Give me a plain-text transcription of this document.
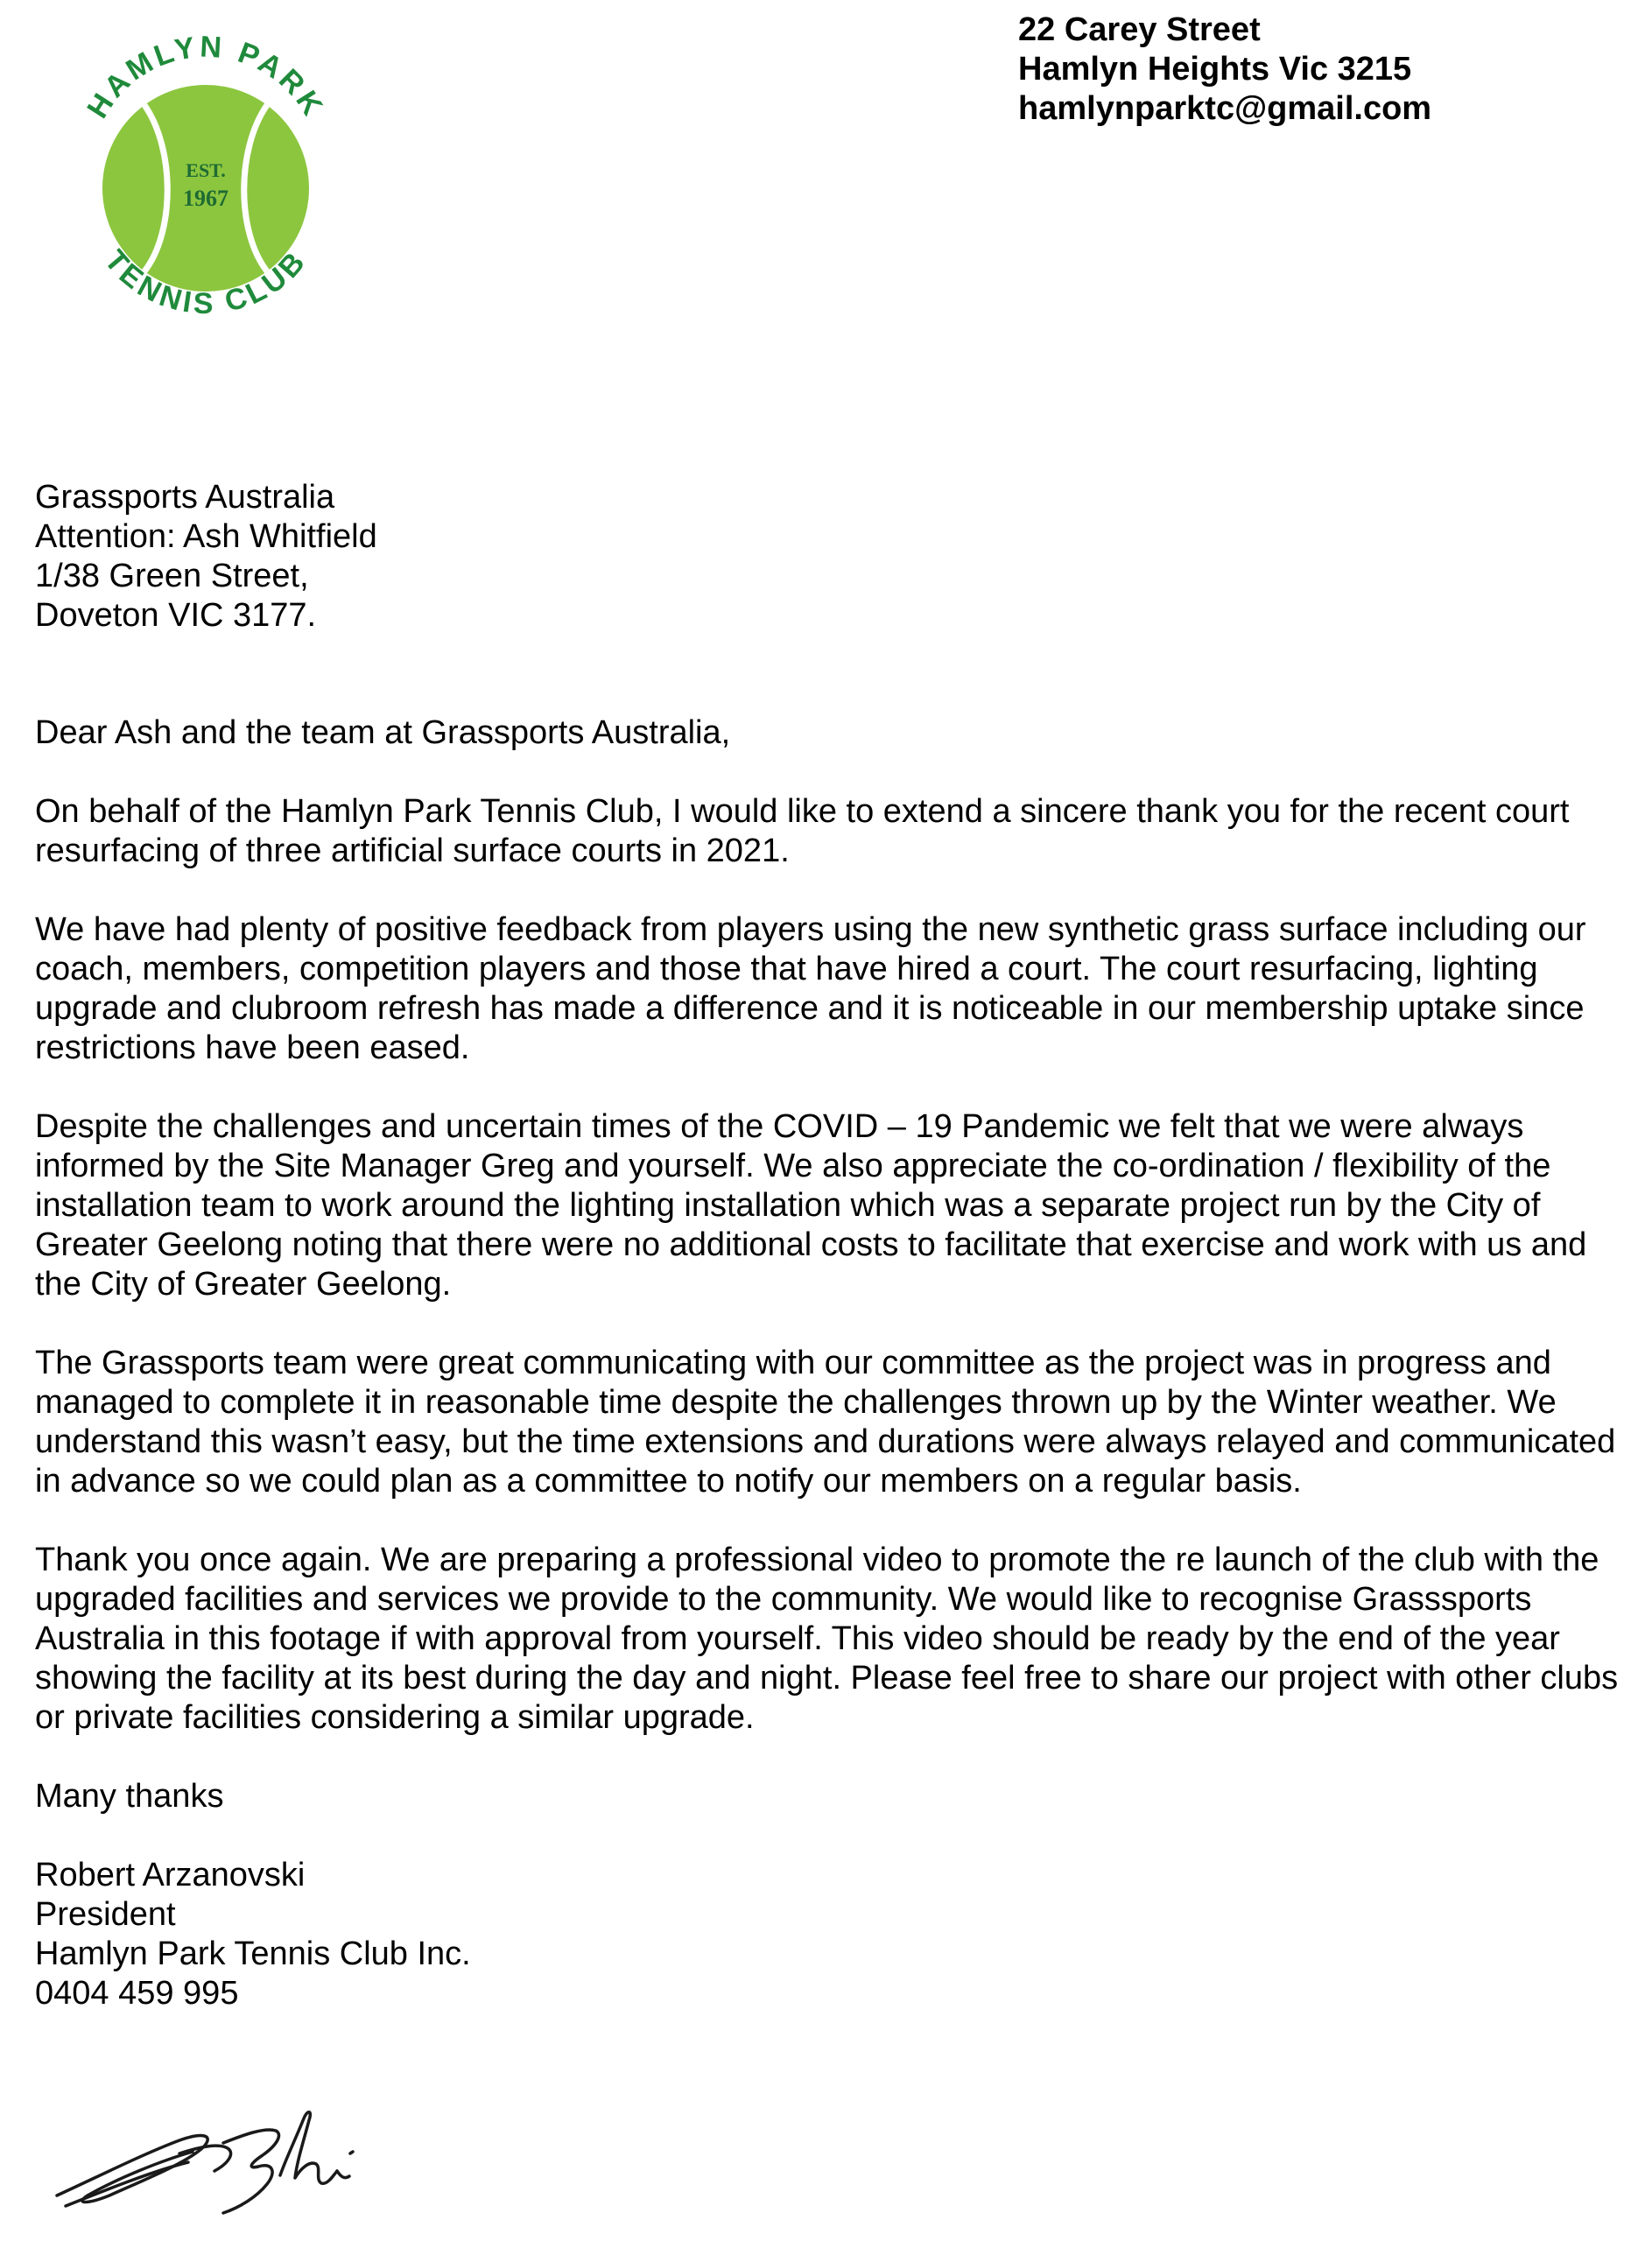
HAMLYN PARK
TENNIS CLUB
EST.
1967
22 Carey Street
Hamlyn Heights Vic 3215
hamlynparktc@gmail.com
Grassports Australia
Attention: Ash Whitfield
1/38 Green Street,
Doveton VIC 3177.

Dear Ash and the team at Grassports Australia,

On behalf of the Hamlyn Park Tennis Club, I would like to extend a sincere thank you for the recent court resurfacing of three artificial surface courts in 2021.

We have had plenty of positive feedback from players using the new synthetic grass surface including our coach, members, competition players and those that have hired a court. The court resurfacing, lighting upgrade and clubroom refresh has made a difference and it is noticeable in our membership uptake since restrictions have been eased.

Despite the challenges and uncertain times of the COVID – 19 Pandemic we felt that we were always informed by the Site Manager Greg and yourself. We also appreciate the co-ordination / flexibility of the installation team to work around the lighting installation which was a separate project run by the City of Greater Geelong noting that there were no additional costs to facilitate that exercise and work with us and the City of Greater Geelong.

The Grassports team were great communicating with our committee as the project was in progress and managed to complete it in reasonable time despite the challenges thrown up by the Winter weather. We understand this wasn’t easy, but the time extensions and durations were always relayed and communicated in advance so we could plan as a committee to notify our members on a regular basis.

Thank you once again. We are preparing a professional video to promote the re launch of the club with the upgraded facilities and services we provide to the community. We would like to recognise Grasssports Australia in this footage if with approval from yourself. This video should be ready by the end of the year showing the facility at its best during the day and night. Please feel free to share our project with other clubs or private facilities considering a similar upgrade.

Many thanks
Robert Arzanovski
President
Hamlyn Park Tennis Club Inc.
0404 459 995
